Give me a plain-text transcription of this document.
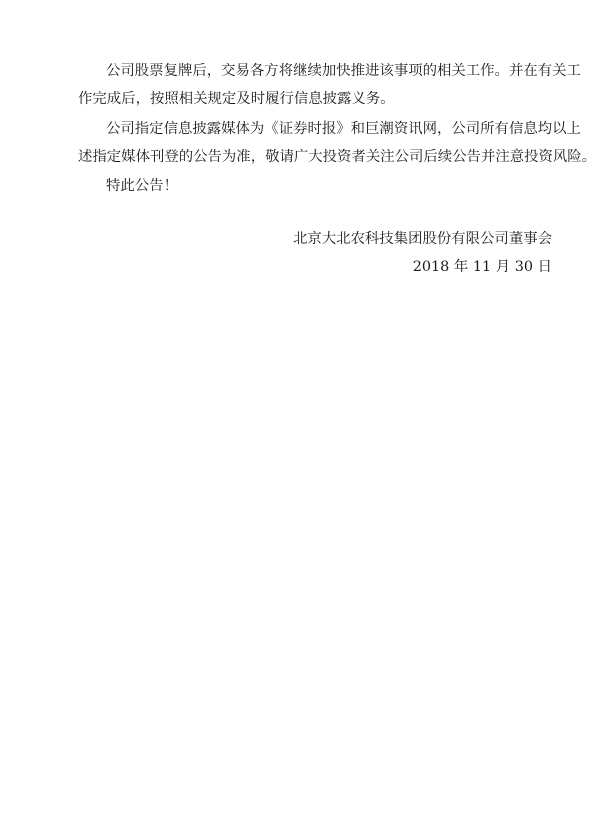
公司股票复牌后，交易各方将继续加快推进该事项的相关工作。并在有关工

作完成后，按照相关规定及时履行信息披露义务。

公司指定信息披露媒体为《证券时报》和巨潮资讯网，公司所有信息均以上

述指定媒体刊登的公告为准，敬请广大投资者关注公司后续公告并注意投资风险。

特此公告！

北京大北农科技集团股份有限公司董事会
2018 年 11 月 30 日
